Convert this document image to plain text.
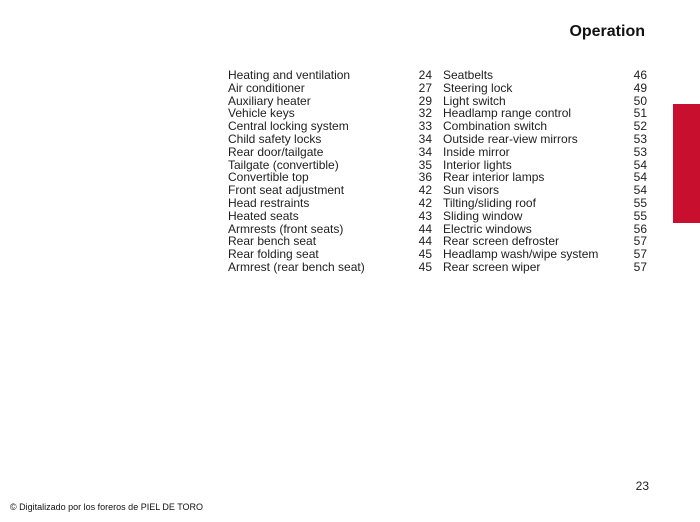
Operation
Heating and ventilation	24
Air conditioner	27
Auxiliary heater	29
Vehicle keys	32
Central locking system	33
Child safety locks	34
Rear door/tailgate	34
Tailgate (convertible)	35
Convertible top	36
Front seat adjustment	42
Head restraints	42
Heated seats	43
Armrests (front seats)	44
Rear bench seat	44
Rear folding seat	45
Armrest (rear bench seat)	45
Seatbelts	46
Steering lock	49
Light switch	50
Headlamp range control	51
Combination switch	52
Outside rear-view mirrors	53
Inside mirror	53
Interior lights	54
Rear interior lamps	54
Sun visors	54
Tilting/sliding roof	55
Sliding window	55
Electric windows	56
Rear screen defroster	57
Headlamp wash/wipe system	57
Rear screen wiper	57
23
© Digitalizado por los foreros de PIEL DE TORO
